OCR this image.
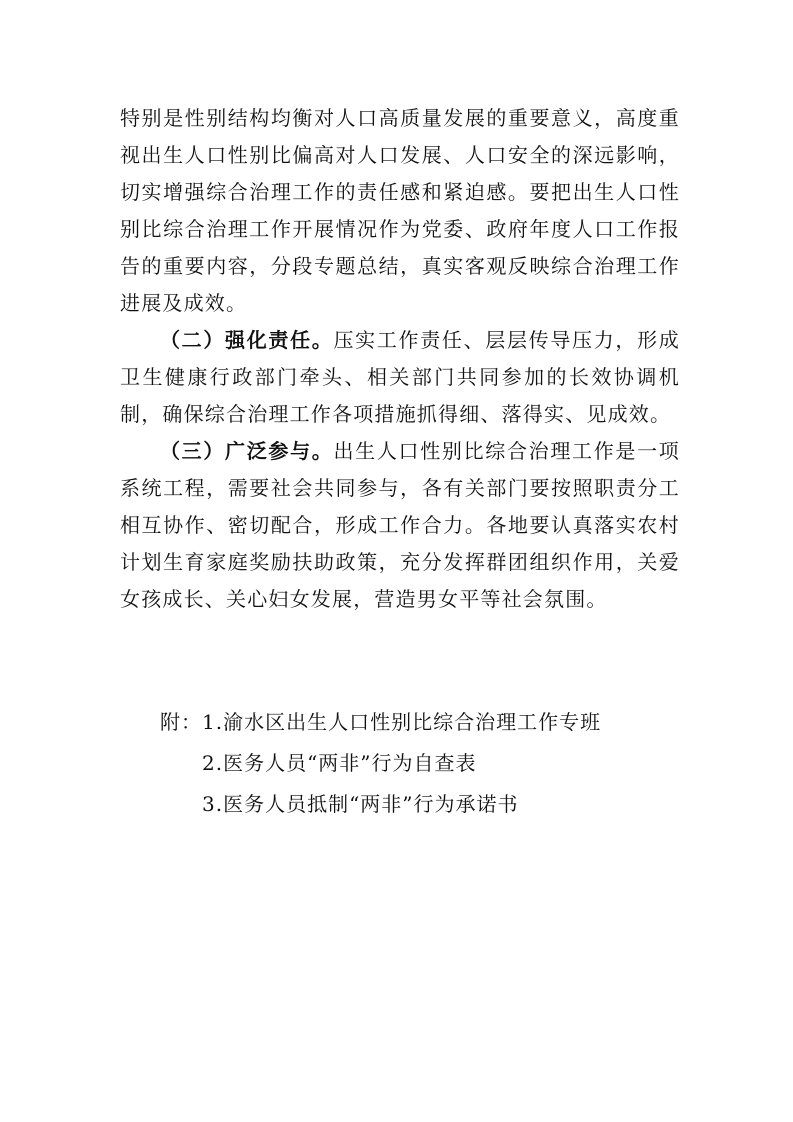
特别是性别结构均衡对人口高质量发展的重要意义，高度重视出生人口性别比偏高对人口发展、人口安全的深远影响，切实增强综合治理工作的责任感和紧迫感。要把出生人口性别比综合治理工作开展情况作为党委、政府年度人口工作报告的重要内容，分段专题总结，真实客观反映综合治理工作进展及成效。

（二）强化责任。压实工作责任、层层传导压力，形成卫生健康行政部门牵头、相关部门共同参加的长效协调机制，确保综合治理工作各项措施抓得细、落得实、见成效。

（三）广泛参与。出生人口性别比综合治理工作是一项系统工程，需要社会共同参与，各有关部门要按照职责分工相互协作、密切配合，形成工作合力。各地要认真落实农村计划生育家庭奖励扶助政策，充分发挥群团组织作用，关爱女孩成长、关心妇女发展，营造男女平等社会氛围。

附： 1.渝水区出生人口性别比综合治理工作专班
2.医务人员“两非”行为自查表
3.医务人员抵制“两非”行为承诺书
